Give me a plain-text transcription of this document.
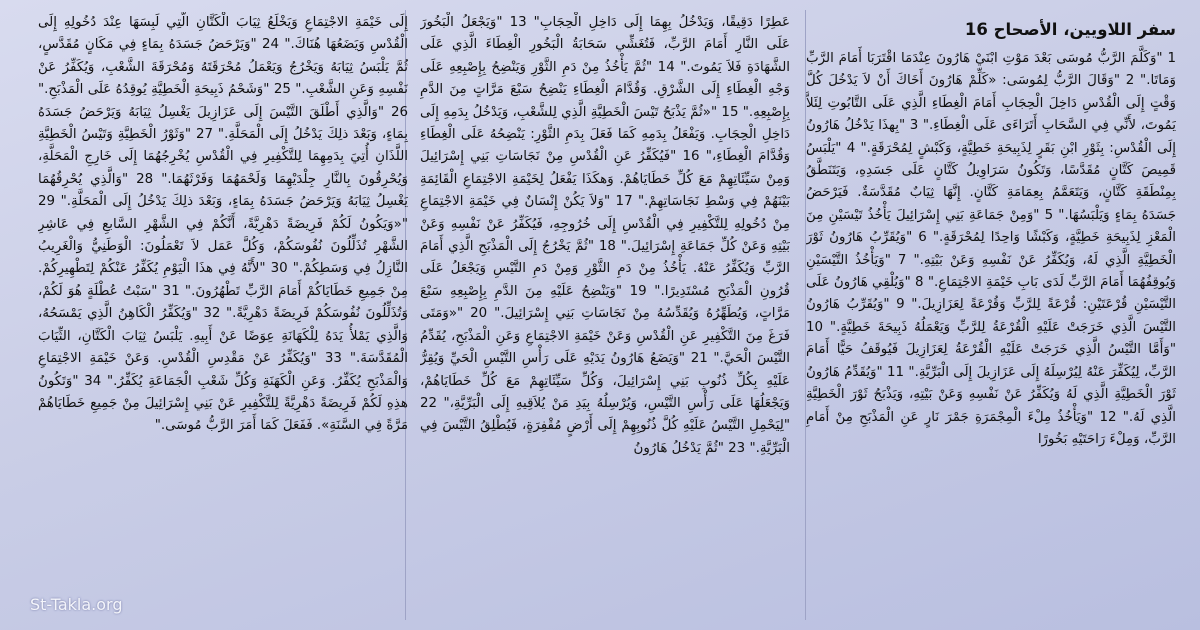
سفر اللاويين، الأصحاح 16

1 "وَكَلَّمَ الرَّبُّ مُوسَى بَعْدَ مَوْتِ ابْنَيْ هَارُونَ عِنْدَمَا اقْتَرَبَا أَمَامَ الرَّبِّ وَمَاتَا." 2 "وَقَالَ الرَّبُّ لِمُوسَى: «كَلِّمْ هَارُونَ أَخَاكَ أَنْ لاَ يَدْخُلَ كُلَّ وَقْتٍ إِلَى الْقُدْسِ دَاخِلَ الْحِجَابِ أَمَامَ الْغِطَاءِ الَّذِي عَلَى التَّابُوتِ لِئَلاَّ يَمُوتَ، لأَنِّي فِي السَّحَابِ أَتَرَاءَى عَلَى الْغِطَاءِ." 3 "بِهذَا يَدْخُلُ هَارُونُ إِلَى الْقُدْسِ: بِثَوْرِ ابْنِ بَقَرٍ لِذَبِيحَةِ خَطِيَّةٍ، وَكَبْشٍ لِمُحْرَقَةٍ." 4 "يَلْبَسُ قَمِيصَ كَتَّانٍ مُقَدَّسًا، وَتَكُونُ سَرَاوِيلُ كَتَّانٍ عَلَى جَسَدِهِ، وَيَتَنَطَّقُ بِمِنْطَقَةِ كَتَّانٍ، وَيَتَعَمَّمُ بِعِمَامَةِ كَتَّانٍ. إِنَّهَا ثِيَابٌ مُقَدَّسَةٌ. فَيَرْحَضُ جَسَدَهُ بِمَاءٍ وَيَلْبَسُهَا." 5 "وَمِنْ جَمَاعَةِ بَنِي إِسْرَائِيلَ يَأْخُذُ تَيْسَيْنِ مِنَ الْمَعْزِ لِذَبِيحَةِ خَطِيَّةٍ، وَكَبْشًا وَاحِدًا لِمُحْرَقَةٍ." 6 "وَيُقَرِّبُ هَارُونُ ثَوْرَ الْخَطِيَّةِ الَّذِي لَهُ، وَيُكَفِّرُ عَنْ نَفْسِهِ وَعَنْ بَيْتِهِ." 7 "وَيَأْخُذُ التَّيْسَيْنِ وَيُوقِفُهُمَا أَمَامَ الرَّبِّ لَدَى بَابِ خَيْمَةِ الاجْتِمَاعِ." 8 "وَيُلْقِي هَارُونُ عَلَى التَّيْسَيْنِ قُرْعَتَيْنِ: قُرْعَةً لِلرَّبِّ وَقُرْعَةً لِعَزَازِيلَ." 9 "وَيُقَرِّبُ هَارُونُ التَّيْسَ الَّذِي خَرَجَتْ عَلَيْهِ الْقُرْعَةُ لِلرَّبِّ وَيَعْمَلُهُ ذَبِيحَةَ خَطِيَّةٍ." 10 "وَأَمَّا التَّيْسُ الَّذِي خَرَجَتْ عَلَيْهِ الْقُرْعَةُ لِعَزَازِيلَ فَيُوقَفُ حَيًّا أَمَامَ الرَّبِّ، لِيُكَفِّرَ عَنْهُ لِيُرْسِلَهُ إِلَى عَزَازِيلَ إِلَى الْبَرِّيَّةِ." 11 "وَيُقَدِّمُ هَارُونُ ثَوْرَ الْخَطِيَّةِ الَّذِي لَهُ وَيُكَفِّرُ عَنْ نَفْسِهِ وَعَنْ بَيْتِهِ، وَيَذْبَحُ ثَوْرَ الْخَطِيَّةِ الَّذِي لَهُ." 12 "وَيَأْخُذُ مِلْءَ الْمِجْمَرَةِ جَمْرَ نَارٍ عَنِ الْمَذْبَحِ مِنْ أَمَامِ الرَّبِّ، وَمِلْءَ رَاحَتَيْهِ بَخُورًا

عَطِرًا دَقِيقًا، وَيَدْخُلُ بِهِمَا إِلَى دَاخِلِ الْحِجَابِ" 13 "وَيَجْعَلُ الْبَخُورَ عَلَى النَّارِ أَمَامَ الرَّبِّ، فَتُغَشِّي سَحَابَةُ الْبَخُورِ الْغِطَاءَ الَّذِي عَلَى الشَّهَادَةِ فَلاَ يَمُوتَ." 14 "ثُمَّ يَأْخُذُ مِنْ دَمِ الثَّوْرِ وَيَنْضِحُ بِإِصْبِعِهِ عَلَى وَجْهِ الْغِطَاءِ إِلَى الشَّرْقِ. وَقُدَّامَ الْغِطَاءِ يَنْضِحُ سَبْعَ مَرَّاتٍ مِنَ الدَّمِ بِإِصْبِعِهِ." 15 "«ثُمَّ يَذْبَحُ تَيْسَ الْخَطِيَّةِ الَّذِي لِلشَّعْبِ، وَيَدْخُلُ بِدَمِهِ إِلَى دَاخِلِ الْحِجَابِ. وَيَفْعَلُ بِدَمِهِ كَمَا فَعَلَ بِدَمِ الثَّوْرِ: يَنْضِحُهُ عَلَى الْغِطَاءِ وَقُدَّامَ الْغِطَاءِ،" 16 "فَيُكَفِّرُ عَنِ الْقُدْسِ مِنْ نَجَاسَاتِ بَنِي إِسْرَائِيلَ وَمِنْ سَيِّئَاتِهِمْ مَعَ كُلِّ خَطَايَاهُمْ. وَهكَذَا يَفْعَلُ لِخَيْمَةِ الاجْتِمَاعِ الْقَائِمَةِ بَيْنَهُمْ فِي وَسْطِ نَجَاسَاتِهِمْ." 17 "وَلاَ يَكُنْ إِنْسَانٌ فِي خَيْمَةِ الاجْتِمَاعِ مِنْ دُخُولِهِ لِلتَّكْفِيرِ فِي الْقُدْسِ إِلَى خُرُوجِهِ، فَيُكَفِّرُ عَنْ نَفْسِهِ وَعَنْ بَيْتِهِ وَعَنْ كُلِّ جَمَاعَةِ إِسْرَائِيلَ." 18 "ثُمَّ يَخْرُجُ إِلَى الْمَذْبَحِ الَّذِي أَمَامَ الرَّبِّ وَيُكَفِّرُ عَنْهُ. يَأْخُذُ مِنْ دَمِ الثَّوْرِ وَمِنْ دَمِ التَّيْسِ وَيَجْعَلُ عَلَى قُرُونِ الْمَذْبَحِ مُسْتَدِيرًا." 19 "وَيَنْضِحُ عَلَيْهِ مِنَ الدَّمِ بِإِصْبِعِهِ سَبْعَ مَرَّاتٍ، وَيُطَهِّرُهُ وَيُقَدِّسُهُ مِنْ نَجَاسَاتِ بَنِي إِسْرَائِيلَ." 20 "«وَمَتَى فَرَغَ مِنَ التَّكْفِيرِ عَنِ الْقُدْسِ وَعَنْ خَيْمَةِ الاجْتِمَاعِ وَعَنِ الْمَذْبَحِ، يُقَدِّمُ التَّيْسَ الْحَيَّ." 21 "وَيَضَعُ هَارُونُ يَدَيْهِ عَلَى رَأْسِ التَّيْسِ الْحَيِّ وَيُقِرُّ عَلَيْهِ بِكُلِّ ذُنُوبِ بَنِي إِسْرَائِيلَ، وَكُلِّ سَيِّئَاتِهِمْ مَعَ كُلِّ خَطَايَاهُمْ، وَيَجْعَلُهَا عَلَى رَأْسِ التَّيْسِ، وَيُرْسِلُهُ بِيَدِ مَنْ يُلاَقِيهِ إِلَى الْبَرِّيَّةِ،" 22 "لِيَحْمِلِ التَّيْسُ عَلَيْهِ كُلَّ ذُنُوبِهِمْ إِلَى أَرْضٍ مُقْفِرَةٍ، فَيُطْلِقُ التَّيْسَ فِي الْبَرِّيَّةِ." 23 "ثُمَّ يَدْخُلُ هَارُونُ

إِلَى خَيْمَةِ الاجْتِمَاعِ وَيَخْلَعُ ثِيَابَ الْكَتَّانِ الَّتِي لَبِسَهَا عِنْدَ دُخُولِهِ إِلَى الْقُدْسِ وَيَضَعُهَا هُنَاكَ." 24 "وَيَرْحَضُ جَسَدَهُ بِمَاءٍ فِي مَكَانٍ مُقَدَّسٍ، ثُمَّ يَلْبَسُ ثِيَابَهُ وَيَخْرُجُ وَيَعْمَلُ مُحْرَقَتَهُ وَمُحْرَقَةَ الشَّعْبِ، وَيُكَفِّرُ عَنْ نَفْسِهِ وَعَنِ الشَّعْبِ." 25 "وَشَحْمُ ذَبِيحَةِ الْخَطِيَّةِ يُوقِدُهُ عَلَى الْمَذْبَحِ." 26 "وَالَّذِي أَطْلَقَ التَّيْسَ إِلَى عَزَازِيلَ يَغْسِلُ ثِيَابَهُ وَيَرْحَضُ جَسَدَهُ بِمَاءٍ، وَبَعْدَ ذلِكَ يَدْخُلُ إِلَى الْمَحَلَّةِ." 27 "وَثَوْرُ الْخَطِيَّةِ وَتَيْسُ الْخَطِيَّةِ اللَّذَانِ أُتِيَ بِدَمِهِمَا لِلتَّكْفِيرِ فِي الْقُدْسِ يُخْرِجُهُمَا إِلَى خَارِجِ الْمَحَلَّةِ، وَيُحْرِقُونَ بِالنَّارِ جِلْدَيْهِمَا وَلَحْمَهُمَا وَفَرْثَهُمَا." 28 "وَالَّذِي يُحْرِقُهُمَا يَغْسِلُ ثِيَابَهُ وَيَرْحَضُ جَسَدَهُ بِمَاءٍ، وَبَعْدَ ذلِكَ يَدْخُلُ إِلَى الْمَحَلَّةِ." 29 "«وَيَكُونُ لَكُمْ فَرِيضَةً دَهْرِيَّةً، أَنَّكُمْ فِي الشَّهْرِ السَّابعِ فِي عَاشِرِ الشَّهْرِ تُذَلِّلُونَ نُفُوسَكُمْ، وَكُلَّ عَمَل لاَ تَعْمَلُونَ: الْوَطَنِيُّ وَالْغَرِيبُ النَّازِلُ فِي وَسَطِكُمْ." 30 "لأَنَّهُ فِي هذَا الْيَوْمِ يُكَفِّرُ عَنْكُمْ لِتَطْهِيرِكُمْ. مِنْ جَمِيعِ خَطَايَاكُمْ أَمَامَ الرَّبِّ تَطْهُرُونَ." 31 "سَبْتُ عُطْلَةٍ هُوَ لَكُمْ، وَتُذَلِّلُونَ نُفُوسَكُمْ فَرِيضَةً دَهْرِيَّةً." 32 "وَيُكَفِّرُ الْكَاهِنُ الَّذِي يَمْسَحُهُ، وَالَّذِي يَمْلأُ يَدَهُ لِلْكَهَانَةِ عِوَضًا عَنْ أَبِيهِ. يَلْبَسُ ثِيَابَ الْكَتَّانِ، الثِّيَابَ الْمُقَدَّسَةَ." 33 "وَيُكَفِّرُ عَنْ مَقْدِسِ الْقُدْسِ. وَعَنْ خَيْمَةِ الاجْتِمَاعِ وَالْمَذْبَحِ يُكَفِّرُ. وَعَنِ الْكَهَنَةِ وَكُلِّ شَعْبِ الْجَمَاعَةِ يُكَفِّرُ." 34 "وَتَكُونُ هذِهِ لَكُمْ فَرِيضَةً دَهْرِيَّةً لِلتَّكْفِيرِ عَنْ بَنِي إِسْرَائِيلَ مِنْ جَمِيعِ خَطَايَاهُمْ مَرَّةً فِي السَّنَةِ». فَفَعَلَ كَمَا أَمَرَ الرَّبُّ مُوسَى."

St-Takla.org
